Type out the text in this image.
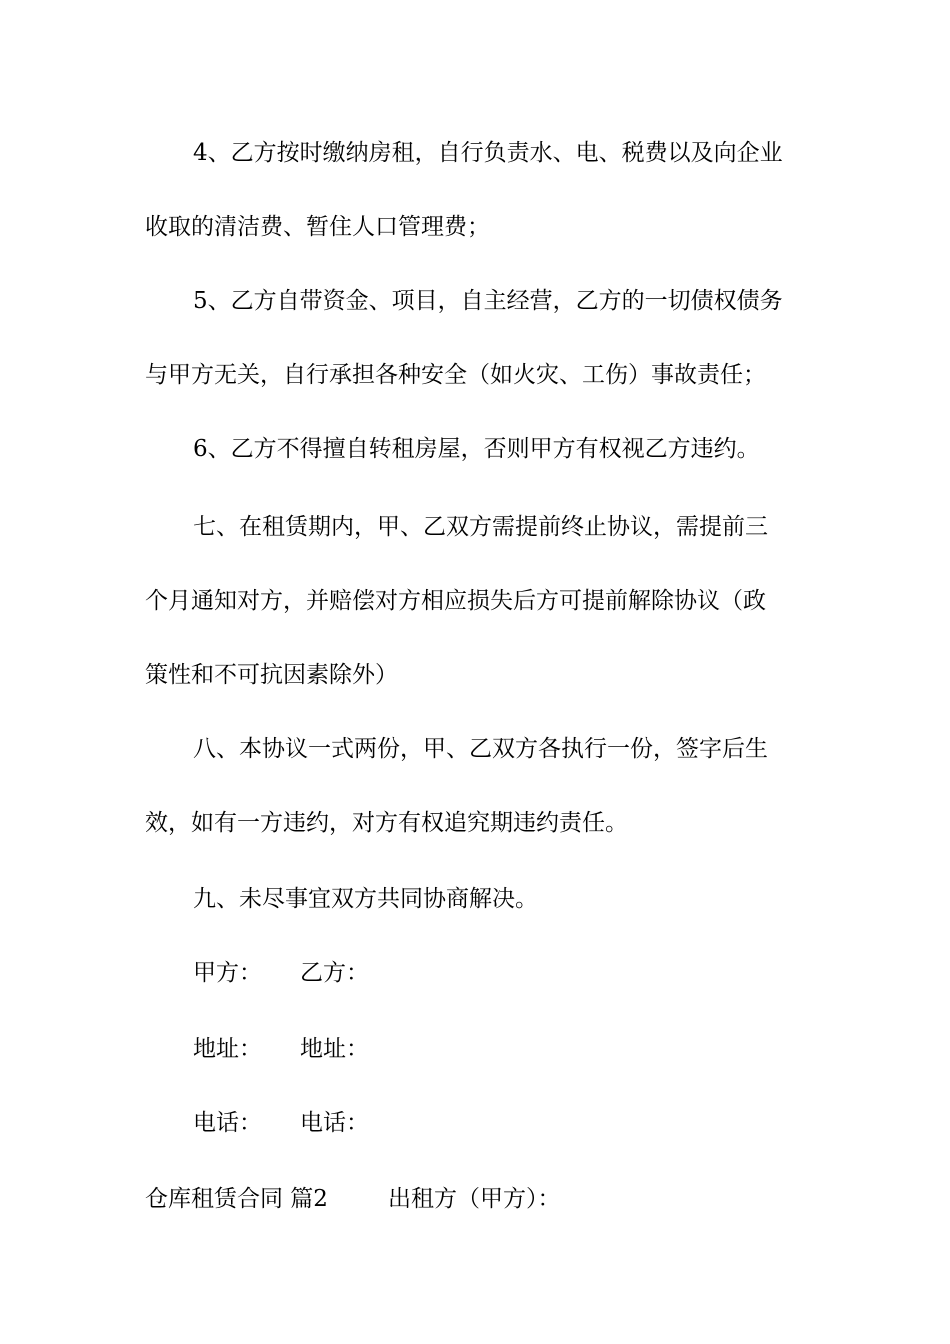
4、乙方按时缴纳房租，自行负责水、电、税费以及向企业
收取的清洁费、暂住人口管理费；
5、乙方自带资金、项目，自主经营，乙方的一切债权债务
与甲方无关，自行承担各种安全（如火灾、工伤）事故责任；
6、乙方不得擅自转租房屋，否则甲方有权视乙方违约。
七、在租赁期内，甲、乙双方需提前终止协议，需提前三
个月通知对方，并赔偿对方相应损失后方可提前解除协议（政
策性和不可抗因素除外）
八、本协议一式两份，甲、乙双方各执行一份，签字后生
效，如有一方违约，对方有权追究期违约责任。
九、未尽事宜双方共同协商解决。
甲方： 乙方：
地址： 地址：
电话： 电话：
仓库租赁合同 篇2	出租方（甲方）：
